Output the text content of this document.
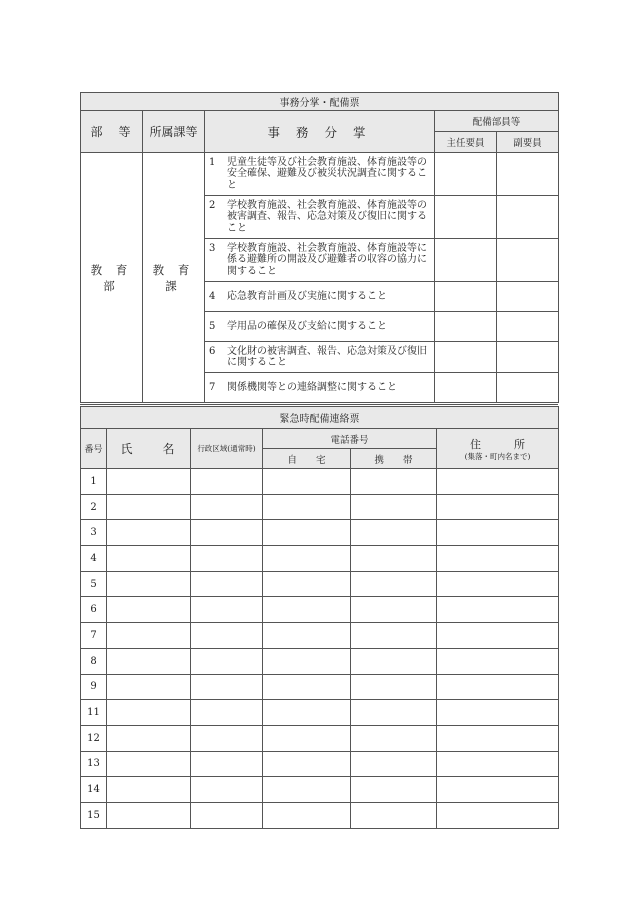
事務分掌・配備票				
部　等	所属課等	事 務 分 掌	配備部員等	
			主任要員	副要員
教 育 部	教 育 課	1 児童生徒等及び社会教育施設、体育施設等の安全確保、避難及び被災状況調査に関すること		

		2 学校教育施設、社会教育施設、体育施設等の被害調査、報告、応急対策及び復旧に関すること		

		3 学校教育施設、社会教育施設、体育施設等に係る避難所の開設及び避難者の収容の協力に関すること		

		4 応急教育計画及び実施に関すること		

		5 学用品の確保及び支給に関すること		

		6 文化財の被害調査、報告、応急対策及び復旧に関すること		

		7 関係機関等との連絡調整に関すること		

緊急時配備連絡票					
番号	氏　　名	行政区域(通常時)	電話番号		住　　　所
(集落・町内名まで)

			自　　宅	携　　帯	
1					
2					
3					
4					
5					
6					
7					
8					
9					
11					
12					
13					
14					
15					
